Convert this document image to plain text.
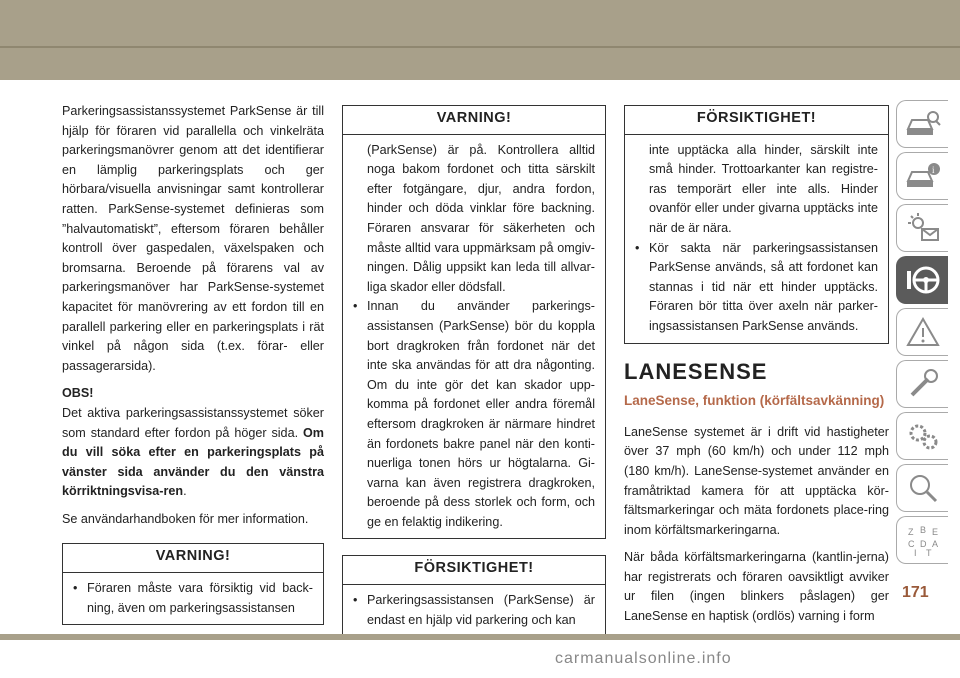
Parkeringsassistanssystemet ParkSense är till hjälp för föraren vid parallella och vinkelräta parkeringsmanövrer genom att det identifierar en lämplig parkeringsplats och ger hörbara/visuella anvisningar samt kontrollerar ratten. ParkSense-systemet definieras som ”halvautomatiskt”, eftersom föraren behåller kontroll över gaspedalen, växelspaken och bromsarna. Beroende på förarens val av parkeringsmanöver har ParkSense-systemet kapacitet för manövrering av ett fordon till en parallell parkering eller en parkeringsplats i rät vinkel på någon sida (t.ex. förar- eller passagerarsida).

OBS!
Det aktiva parkeringsassistanssystemet söker som standard efter fordon på höger sida. Om du vill söka efter en parkeringsplats på vänster sida använder du den vänstra körriktningsvisa-ren.

Se användarhandboken för mer information.

VARNING!
• Föraren måste vara försiktig vid back-ning, även om parkeringsassistansen
VARNING!
(ParkSense) är på. Kontrollera alltid noga bakom fordonet och titta särskilt efter fotgängare, djur, andra fordon, hinder och döda vinklar före backning. Föraren ansvarar för säkerheten och måste alltid vara uppmärksam på omgiv-ningen. Dålig uppsikt kan leda till allvar-liga skador eller dödsfall.
• Innan du använder parkerings-assistansen (ParkSense) bör du koppla bort dragkroken från fordonet när det inte ska användas för att dra någonting. Om du inte gör det kan skador upp-komma på fordonet eller andra föremål eftersom dragkroken är närmare hindret än fordonets bakre panel när den konti-nuerliga tonen hörs ur högtalarna. Gi-varna kan även registrera dragkroken, beroende på dess storlek och form, och ge en felaktig indikering.
FÖRSIKTIGHET!
• Parkeringsassistansen (ParkSense) är endast en hjälp vid parkering och kan
FÖRSIKTIGHET!
inte upptäcka alla hinder, särskilt inte små hinder. Trottoarkanter kan registre-ras temporärt eller inte alls. Hinder ovanför eller under givarna upptäcks inte när de är nära.
• Kör sakta när parkeringsassistansen ParkSense används, så att fordonet kan stannas i tid när ett hinder upptäcks. Föraren bör titta över axeln när parker-ingsassistansen ParkSense används.
LANESENSE
LaneSense, funktion (körfältsavkänning)

LaneSense systemet är i drift vid hastigheter över 37 mph (60 km/h) och under 112 mph (180 km/h). LaneSense-systemet använder en framåtriktad kamera för att upptäcka kör-fältsmarkeringar och mäta fordonets place-ring inom körfältsmarkeringarna.

När båda körfältsmarkeringarna (kantlin-jerna) har registrerats och föraren oavsiktligt avviker ur filen (ingen blinkers påslagen) ger LaneSense en haptisk (ordlös) varning i form

i
Z B E
A
C D
I T
171
carmanualsonline.info
